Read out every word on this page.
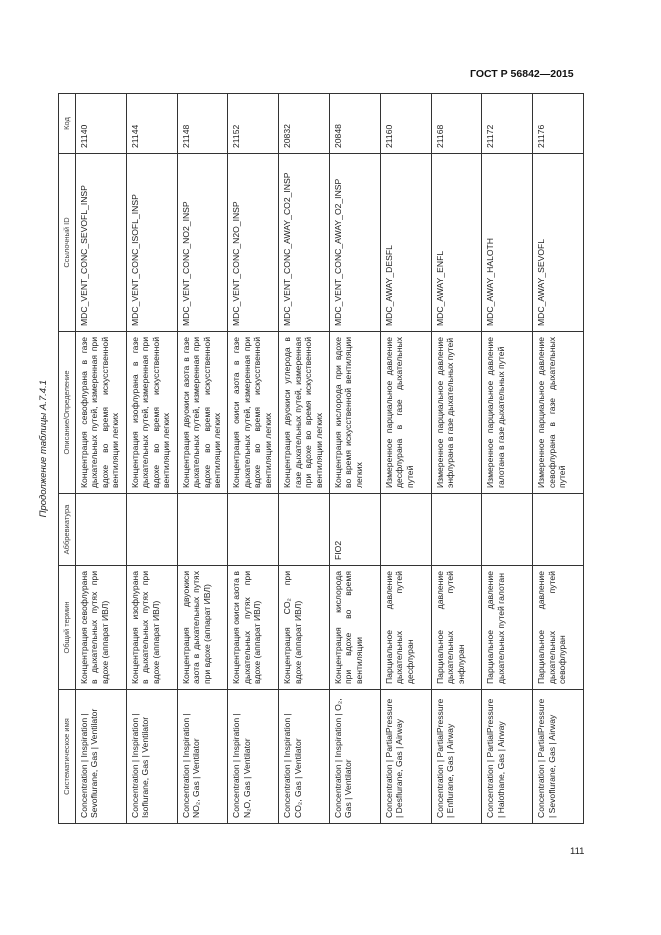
ГОСТ Р 56842—2015
Продолжение таблицы А.7.4.1
Систематическое имя	Общий термин	Аббревиатура	Описание/Определение	Ссылочный ID	Код
Concentration | Inspiration | Sevoflurane, Gas | Ventilator	Концентрация севофлурана в дыхательных путях при вдохе (аппарат ИВЛ)		Концентрация севофлурана в газе дыхательных путей, измеренная при вдохе во время искусственной вентиляции легких	MDC_VENT_CONC_SEVOFL_INSP	21140
Concentration | Inspiration | Isoflurane, Gas | Ventilator	Концентрация изофлурана в дыхательных путях при вдохе (аппарат ИВЛ)		Концентрация изофлурана в газе дыхательных путей, измеренная при вдохе во время искусственной вентиляции легких	MDC_VENT_CONC_ISOFL_INSP	21144
Concentration | Inspiration | NO₂, Gas | Ventilator	Концентрация двуокиси азота в дыхательных путях при вдохе (аппарат ИВЛ)		Концентрация двуокиси азота в газе дыхательных путей, измеренная при вдохе во время искусственной вентиляции легких	MDC_VENT_CONC_NO2_INSP	21148
Concentration | Inspiration | N₂O, Gas | Ventilator	Концентрация окиси азота в дыхательных путях при вдохе (аппарат ИВЛ)		Концентрация окиси азота в газе дыхательных путей, измеренная при вдохе во время искусственной вентиляции легких	MDC_VENT_CONC_N2O_INSP	21152
Concentration | Inspiration | CO₂, Gas | Ventilator	Концентрация CO₂ при вдохе (аппарат ИВЛ)		Концентрация двуокиси углерода в газе дыхательных путей, измеренная при вдохе во время искусственной вентиляции легких	MDC_VENT_CONC_AWAY_CO2_INSP	20832
Concentration | Inspiration | O₂, Gas | Ventilator	Концентрация кислорода при вдохе во время вентиляции	FIO2	Концентрация кислорода при вдохе во время искусственной вентиляции легких	MDC_VENT_CONC_AWAY_O2_INSP	20848
Concentration | PartialPressure | Desflurane, Gas | Airway	Парциальное давление дыхательных путей десфлуран		Измеренное парциальное давление десфлурана в газе дыхательных путей	MDC_AWAY_DESFL	21160
Concentration | PartialPressure | Enflurane, Gas | Airway	Парциальное давление дыхательных путей энфлуран		Измеренное парциальное давление энфлурана в газе дыхательных путей	MDC_AWAY_ENFL	21168
Concentration | PartialPressure | Halothane, Gas | Airway	Парциальное давление дыхательных путей галотан		Измеренное парциальное давление галотана в газе дыхательных путей	MDC_AWAY_HALOTH	21172
Concentration | PartialPressure | Sevoflurane, Gas | Airway	Парциальное давление дыхательных путей севофлуран		Измеренное парциальное давление севофлурана в газе дыхательных путей	MDC_AWAY_SEVOFL	21176
111
